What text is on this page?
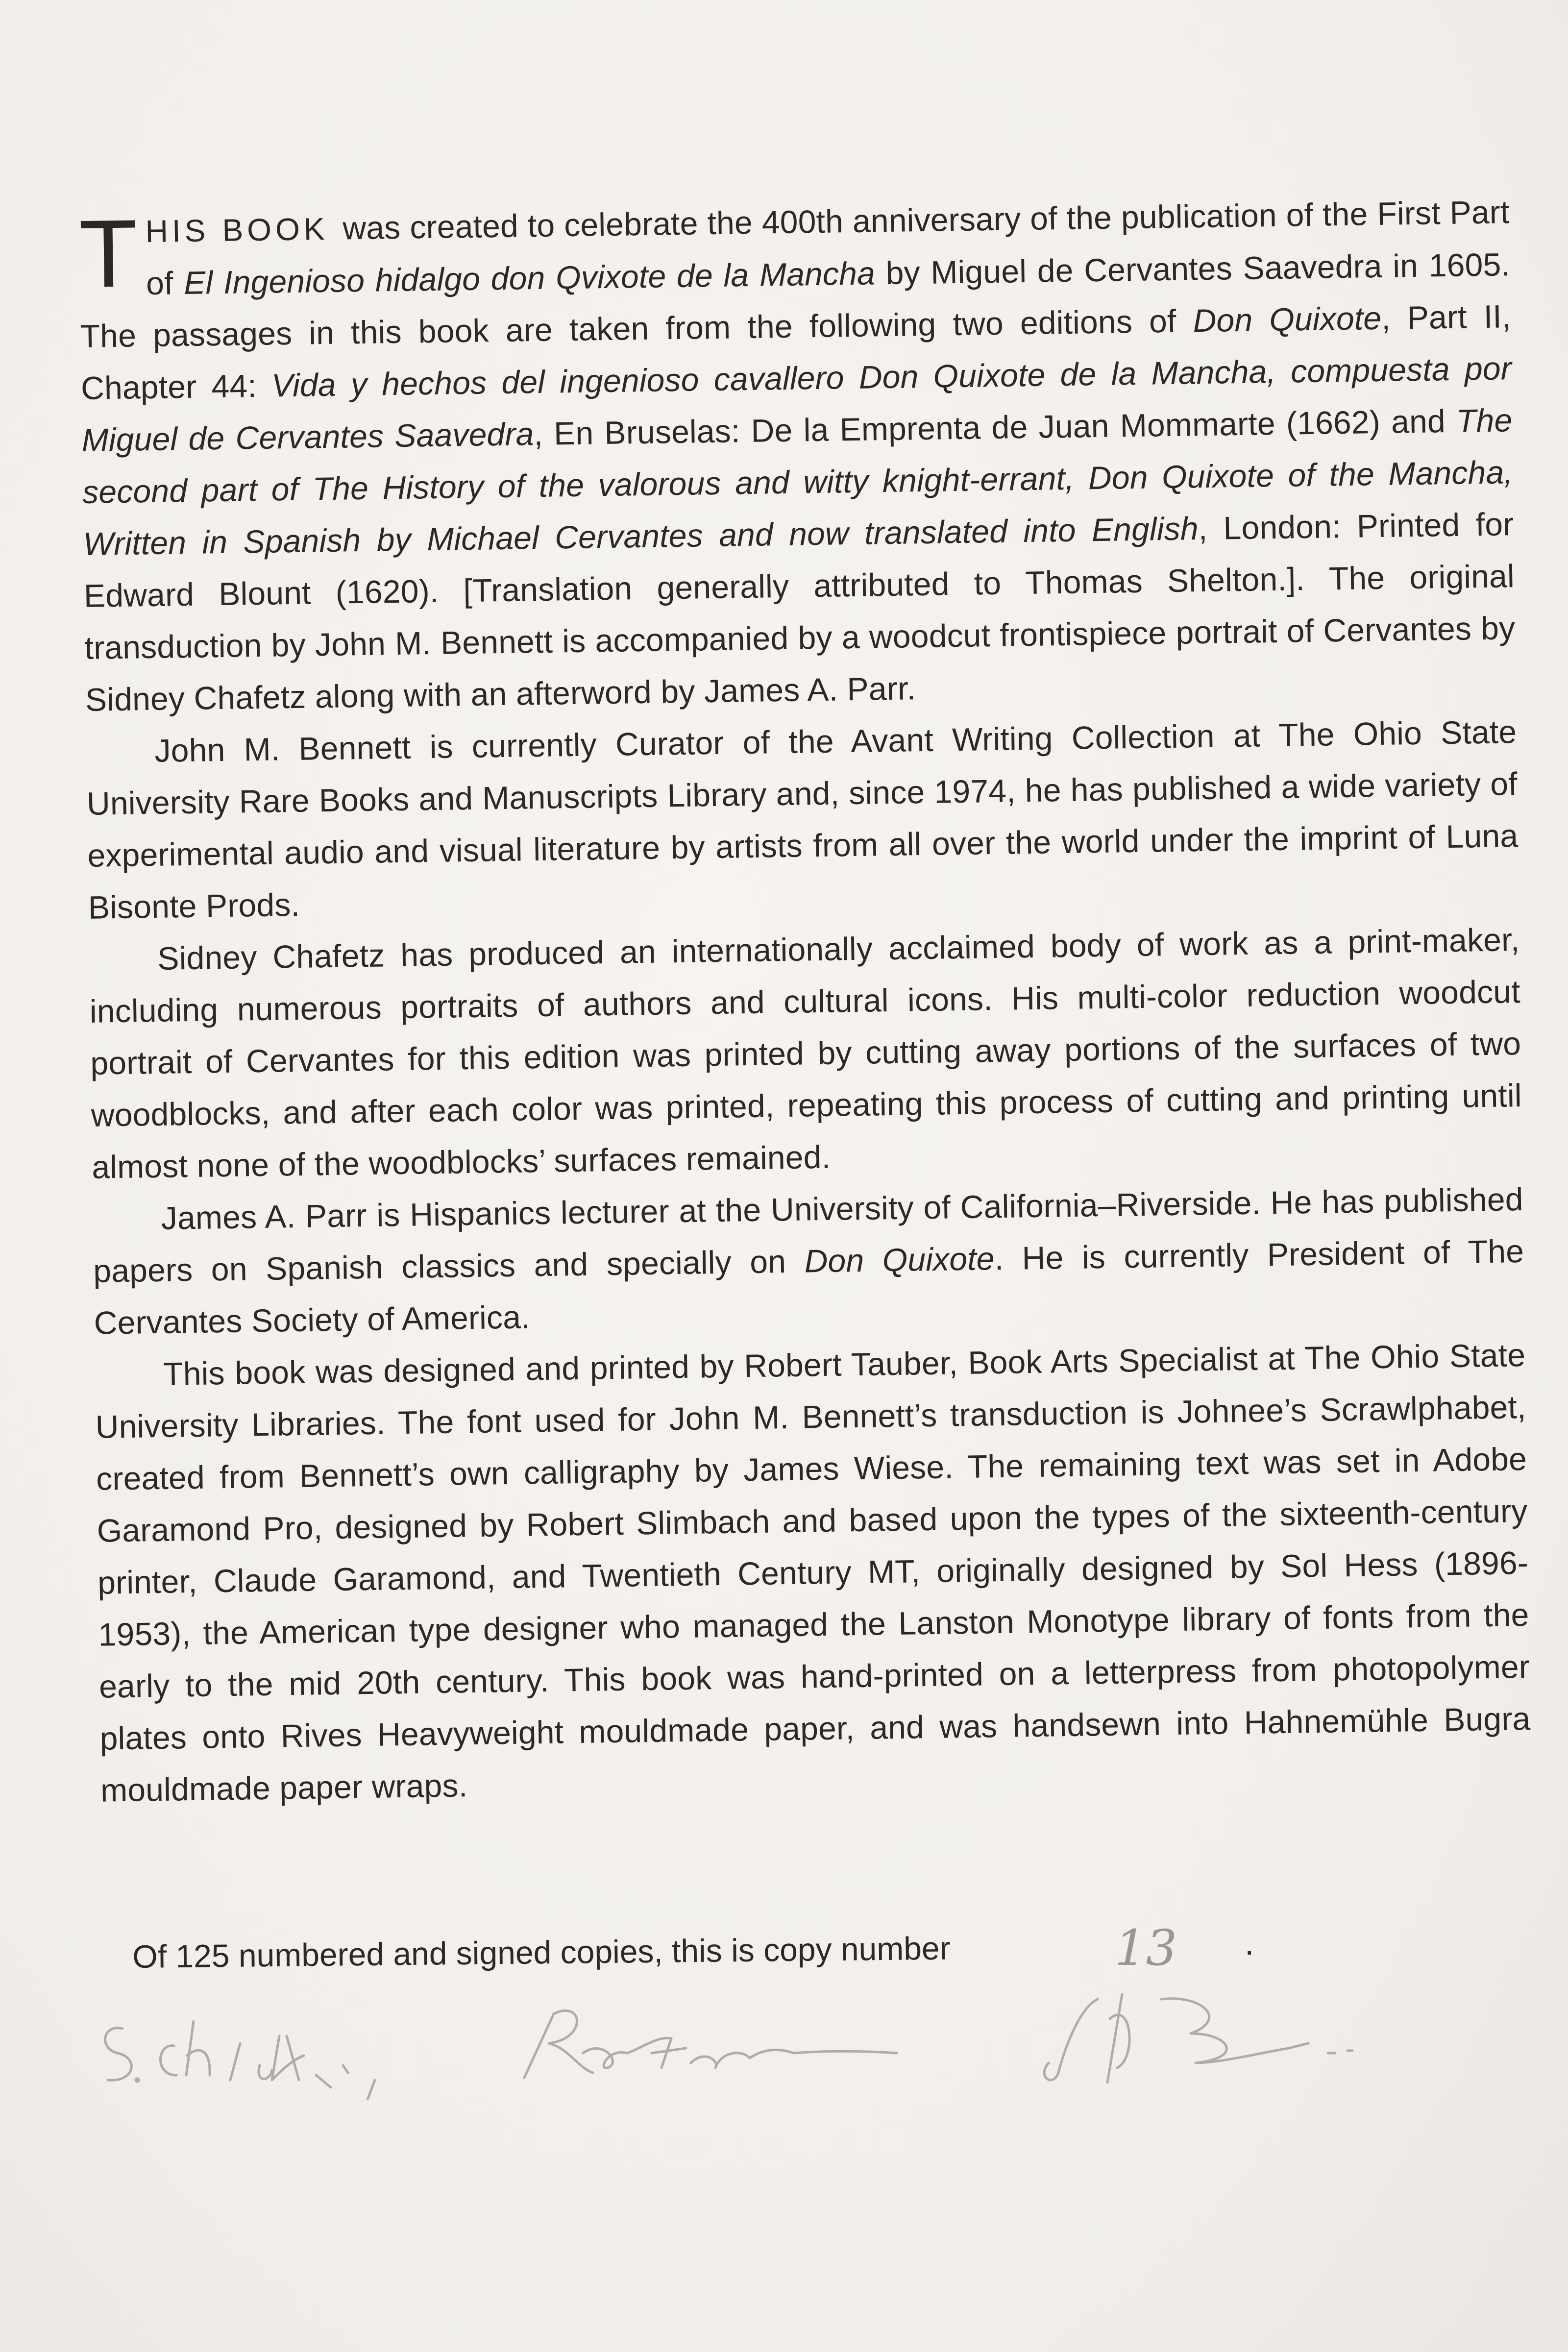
THIS BOOK was created to celebrate the 400th anniversary of the publication of the First Part of El Ingenioso hidalgo don Qvixote de la Mancha by Miguel de Cervantes Saavedra in 1605. The passages in this book are taken from the following two editions of Don Quixote, Part II, Chapter 44: Vida y hechos del ingenioso cavallero Don Quixote de la Mancha, compuesta por Miguel de Cervantes Saavedra, En Bruselas: De la Emprenta de Juan Mommarte (1662) and The second part of The History of the valorous and witty knight-errant, Don Quixote of the Mancha, Written in Spanish by Michael Cervantes and now translated into English, London: Printed for Edward Blount (1620). [Translation generally attributed to Thomas Shelton.]. The original transduction by John M. Bennett is accompanied by a woodcut frontispiece portrait of Cervantes by Sidney Chafetz along with an afterword by James A. Parr.

John M. Bennett is currently Curator of the Avant Writing Collection at The Ohio State University Rare Books and Manuscripts Library and, since 1974, he has published a wide variety of experimental audio and visual literature by artists from all over the world under the imprint of Luna Bisonte Prods.

Sidney Chafetz has produced an internationally acclaimed body of work as a print-maker, including numerous portraits of authors and cultural icons. His multi-color reduction woodcut portrait of Cervantes for this edition was printed by cutting away portions of the surfaces of two woodblocks, and after each color was printed, repeating this process of cutting and printing until almost none of the woodblocks’ surfaces remained.

James A. Parr is Hispanics lecturer at the University of California–Riverside. He has published papers on Spanish classics and specially on Don Quixote. He is currently President of The Cervantes Society of America.

This book was designed and printed by Robert Tauber, Book Arts Specialist at The Ohio State University Libraries. The font used for John M. Bennett’s transduction is Johnee’s Scrawlphabet, created from Bennett’s own calligraphy by James Wiese. The remaining text was set in Adobe Garamond Pro, designed by Robert Slimbach and based upon the types of the sixteenth-century printer, Claude Garamond, and Twentieth Century MT, originally designed by Sol Hess (1896-1953), the American type designer who managed the Lanston Monotype library of fonts from the early to the mid 20th century. This book was hand-printed on a letterpress from photopolymer plates onto Rives Heavyweight mouldmade paper, and was handsewn into Hahnemühle Bugra mouldmade paper wraps.

Of 125 numbered and signed copies, this is copy number	13 .
